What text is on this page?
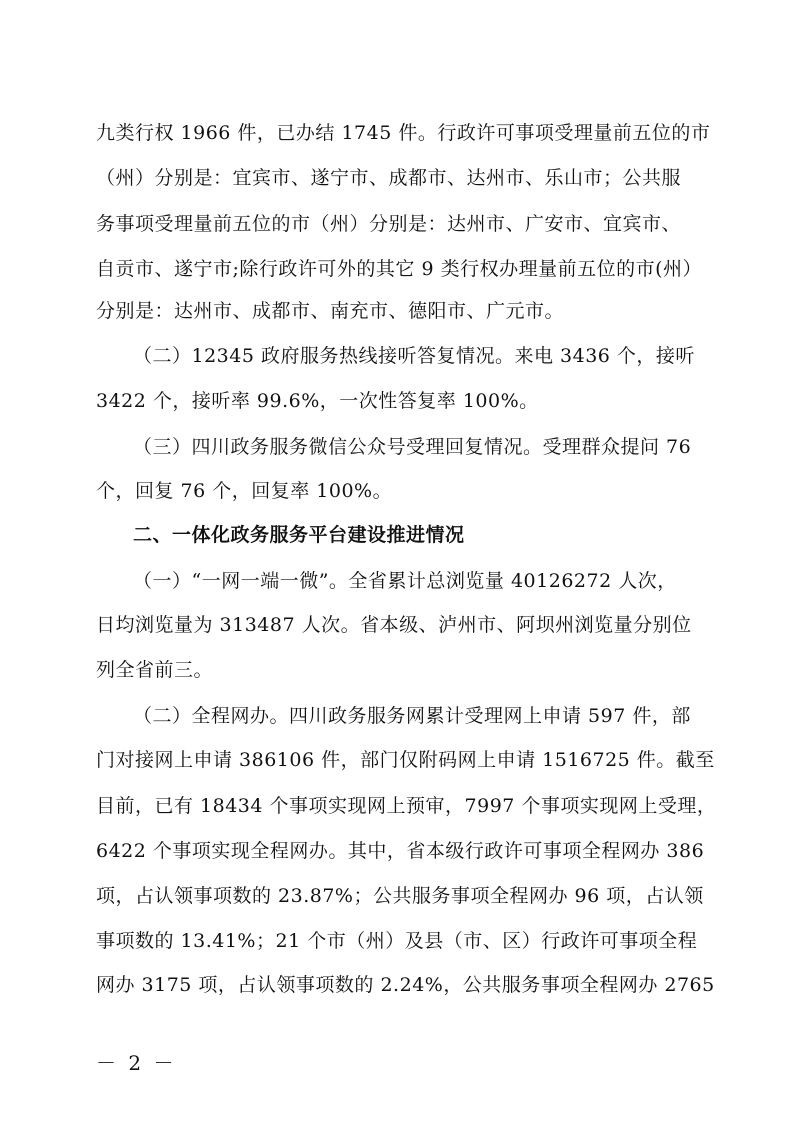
九类行权 1966 件，已办结 1745 件。行政许可事项受理量前五位的市
（州）分别是：宜宾市、遂宁市、成都市、达州市、乐山市；公共服
务事项受理量前五位的市（州）分别是：达州市、广安市、宜宾市、
自贡市、遂宁市;除行政许可外的其它 9 类行权办理量前五位的市(州）
分别是：达州市、成都市、南充市、德阳市、广元市。
（二）12345 政府服务热线接听答复情况。来电 3436 个，接听
3422 个，接听率 99.6%，一次性答复率 100%。
（三）四川政务服务微信公众号受理回复情况。受理群众提问 76
个，回复 76 个，回复率 100%。
二、一体化政务服务平台建设推进情况
（一）“一网一端一微”。全省累计总浏览量 40126272 人次，
日均浏览量为 313487 人次。省本级、泸州市、阿坝州浏览量分别位
列全省前三。
（二）全程网办。四川政务服务网累计受理网上申请 597 件，部
门对接网上申请 386106 件，部门仅附码网上申请 1516725 件。截至
目前，已有 18434 个事项实现网上预审，7997 个事项实现网上受理，
6422 个事项实现全程网办。其中，省本级行政许可事项全程网办 386
项，占认领事项数的 23.87%；公共服务事项全程网办 96 项，占认领
事项数的 13.41%；21 个市（州）及县（市、区）行政许可事项全程
网办 3175 项，占认领事项数的 2.24%，公共服务事项全程网办 2765
－ 2 －
